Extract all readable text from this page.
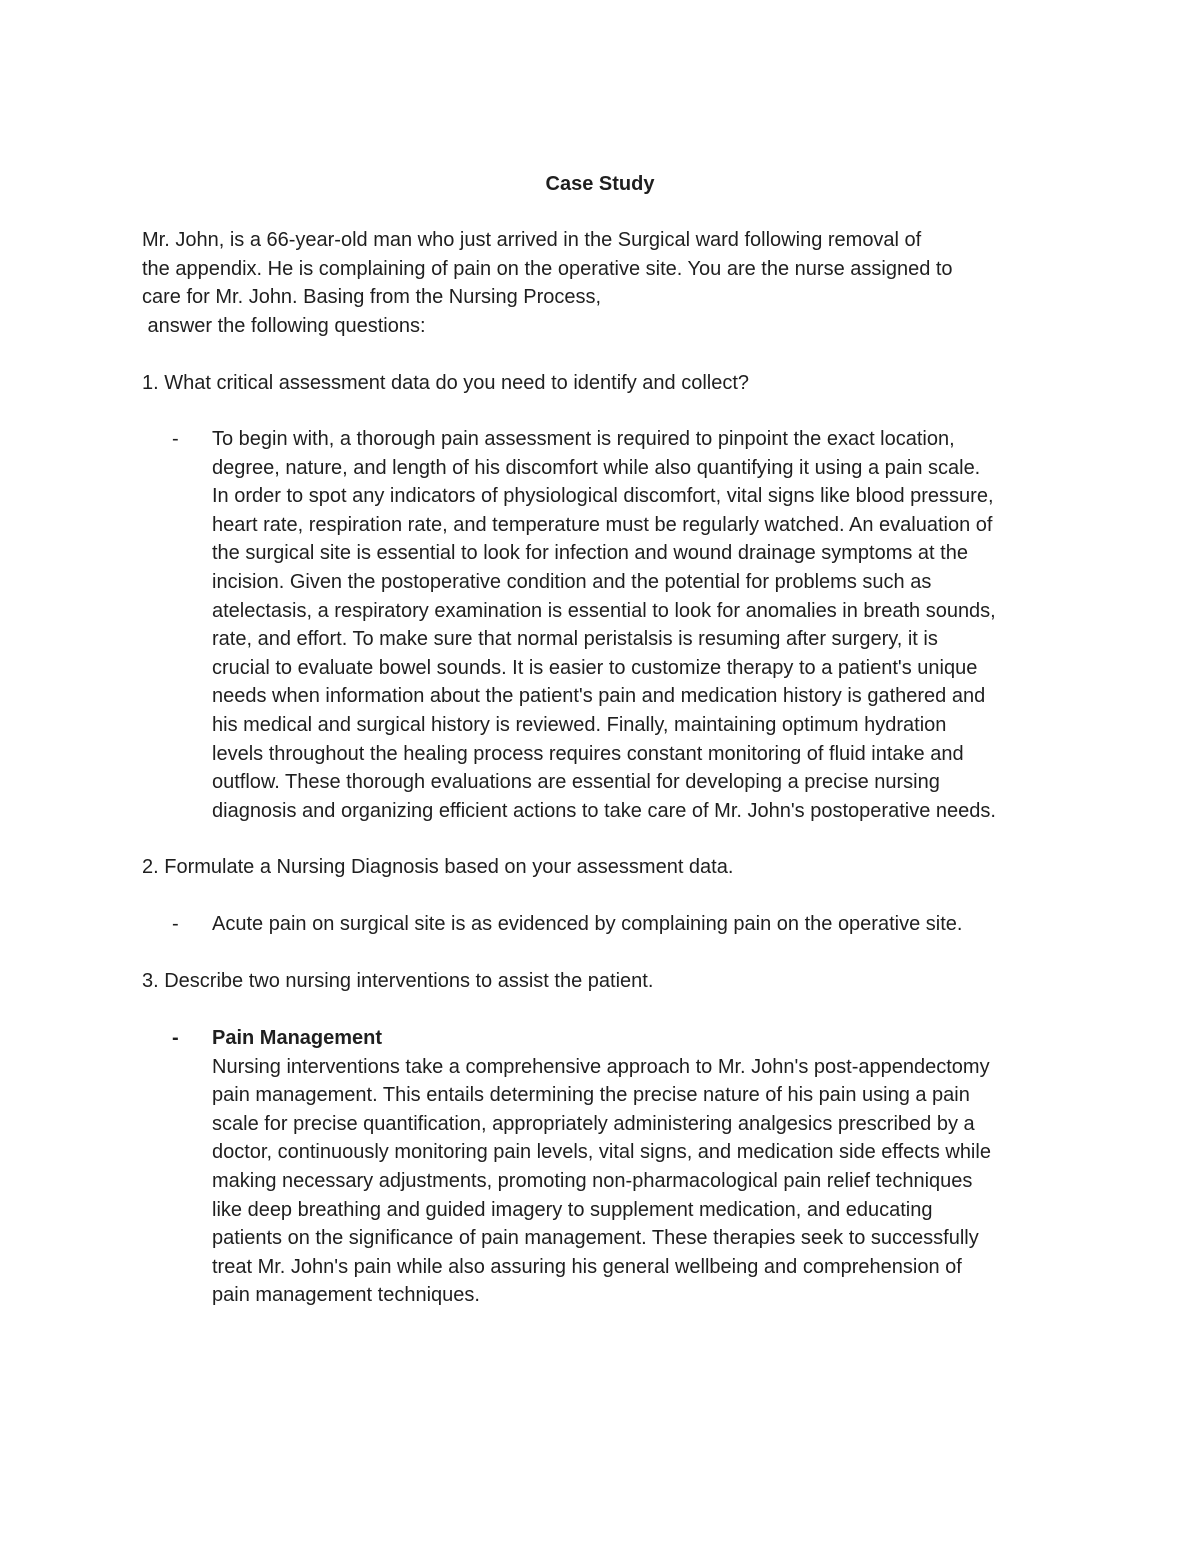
Case Study
Mr. John, is a 66-year-old man who just arrived in the Surgical ward following removal of
the appendix. He is complaining of pain on the operative site. You are the nurse assigned to
care for Mr. John. Basing from the Nursing Process,
answer the following questions:
1. What critical assessment data do you need to identify and collect?
- To begin with, a thorough pain assessment is required to pinpoint the exact location,
degree, nature, and length of his discomfort while also quantifying it using a pain scale.
In order to spot any indicators of physiological discomfort, vital signs like blood pressure,
heart rate, respiration rate, and temperature must be regularly watched. An evaluation of
the surgical site is essential to look for infection and wound drainage symptoms at the
incision. Given the postoperative condition and the potential for problems such as
atelectasis, a respiratory examination is essential to look for anomalies in breath sounds,
rate, and effort. To make sure that normal peristalsis is resuming after surgery, it is
crucial to evaluate bowel sounds. It is easier to customize therapy to a patient's unique
needs when information about the patient's pain and medication history is gathered and
his medical and surgical history is reviewed. Finally, maintaining optimum hydration
levels throughout the healing process requires constant monitoring of fluid intake and
outflow. These thorough evaluations are essential for developing a precise nursing
diagnosis and organizing efficient actions to take care of Mr. John's postoperative needs.
2. Formulate a Nursing Diagnosis based on your assessment data.
- Acute pain on surgical site is as evidenced by complaining pain on the operative site.
3. Describe two nursing interventions to assist the patient.
- Pain Management
Nursing interventions take a comprehensive approach to Mr. John's post-appendectomy
pain management. This entails determining the precise nature of his pain using a pain
scale for precise quantification, appropriately administering analgesics prescribed by a
doctor, continuously monitoring pain levels, vital signs, and medication side effects while
making necessary adjustments, promoting non-pharmacological pain relief techniques
like deep breathing and guided imagery to supplement medication, and educating
patients on the significance of pain management. These therapies seek to successfully
treat Mr. John's pain while also assuring his general wellbeing and comprehension of
pain management techniques.
